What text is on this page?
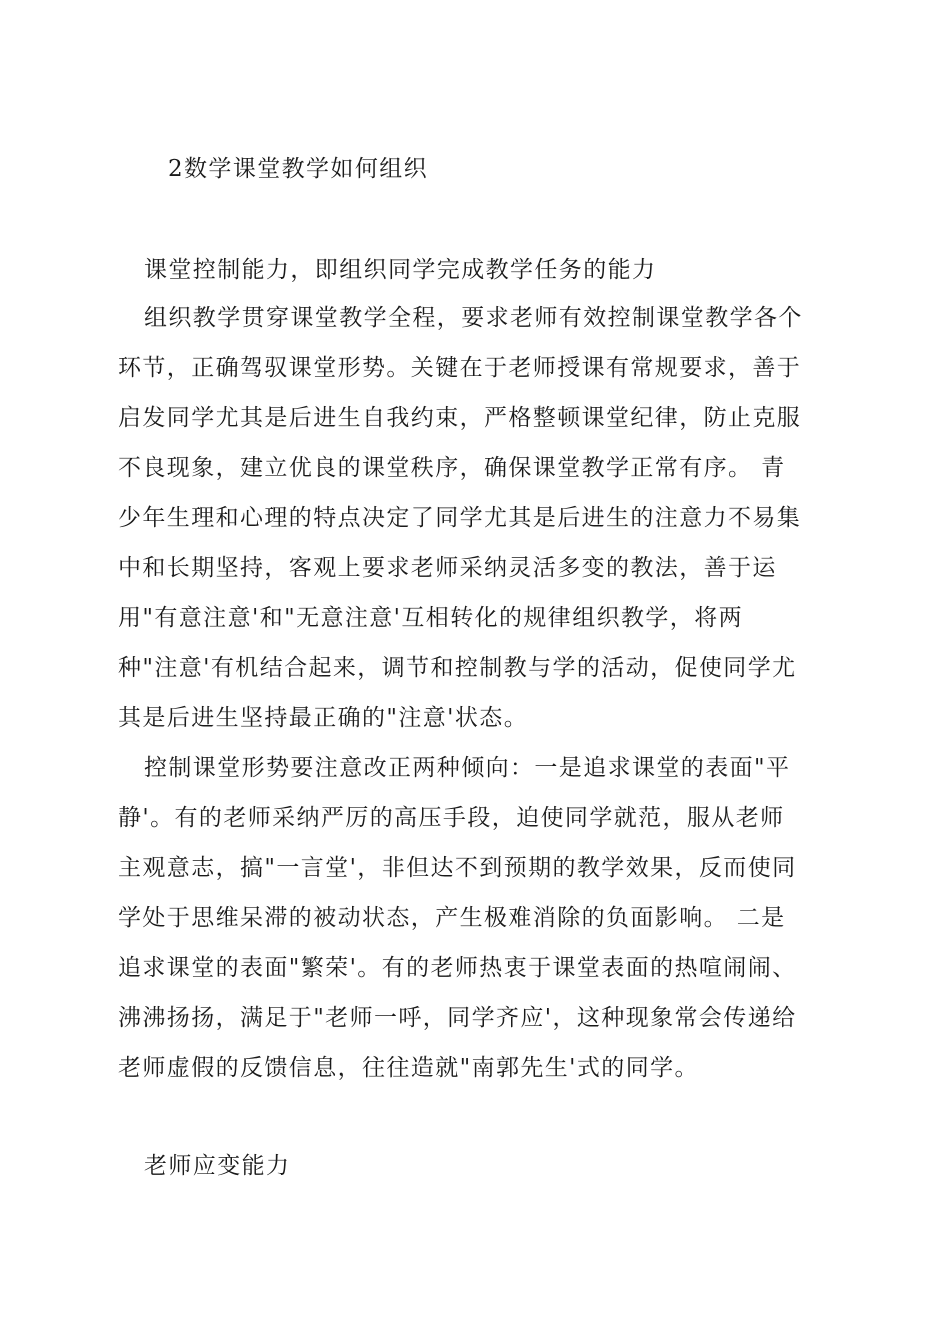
2数学课堂教学如何组织
课堂控制能力，即组织同学完成教学任务的能力
组织教学贯穿课堂教学全程，要求老师有效控制课堂教学各个
环节，正确驾驭课堂形势。关键在于老师授课有常规要求，善于
启发同学尤其是后进生自我约束，严格整顿课堂纪律，防止克服
不良现象，建立优良的课堂秩序，确保课堂教学正常有序。 青
少年生理和心理的特点决定了同学尤其是后进生的注意力不易集
中和长期坚持，客观上要求老师采纳灵活多变的教法，善于运
用"有意注意'和"无意注意'互相转化的规律组织教学，将两
种"注意'有机结合起来，调节和控制教与学的活动，促使同学尤
其是后进生坚持最正确的"注意'状态。
控制课堂形势要注意改正两种倾向：一是追求课堂的表面"平
静'。有的老师采纳严厉的高压手段，迫使同学就范，服从老师
主观意志，搞"一言堂'，非但达不到预期的教学效果，反而使同
学处于思维呆滞的被动状态，产生极难消除的负面影响。 二是
追求课堂的表面"繁荣'。有的老师热衷于课堂表面的热喧闹闹、
沸沸扬扬，满足于"老师一呼，同学齐应'，这种现象常会传递给
老师虚假的反馈信息，往往造就"南郭先生'式的同学。
老师应变能力
